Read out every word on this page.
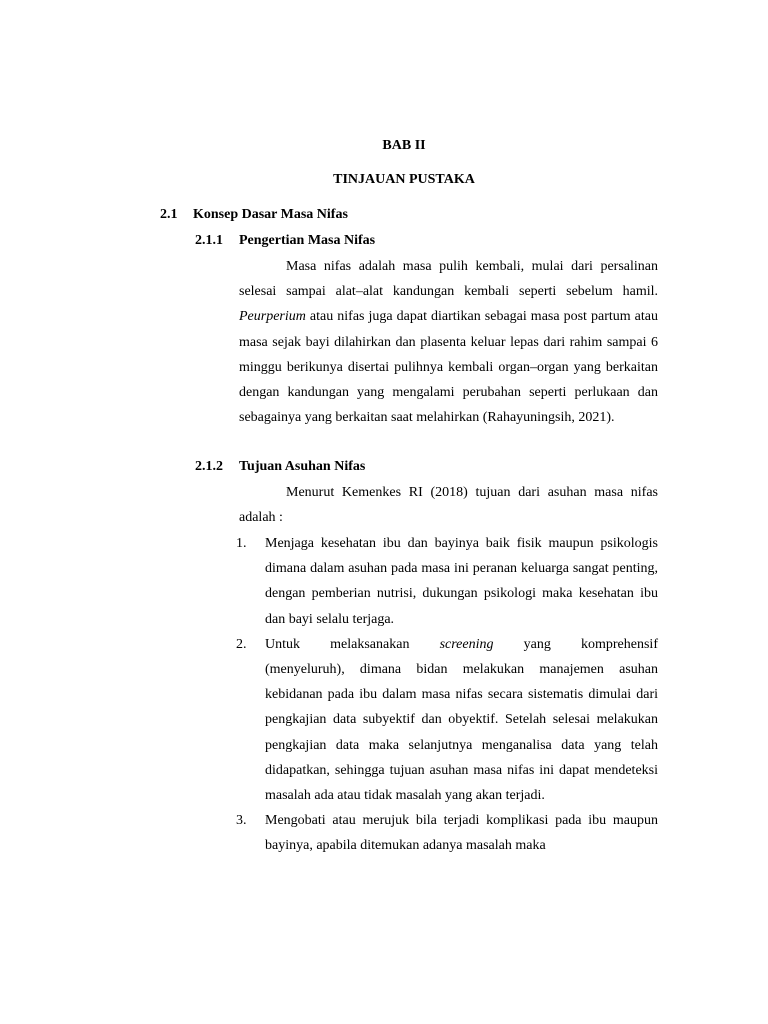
BAB II
TINJAUAN PUSTAKA
2.1 Konsep Dasar Masa Nifas
2.1.1 Pengertian Masa Nifas

Masa nifas adalah masa pulih kembali, mulai dari persalinan selesai sampai alat–alat kandungan kembali seperti sebelum hamil. Peurperium atau nifas juga dapat diartikan sebagai masa post partum atau masa sejak bayi dilahirkan dan plasenta keluar lepas dari rahim sampai 6 minggu berikunya disertai pulihnya kembali organ–organ yang berkaitan dengan kandungan yang mengalami perubahan seperti perlukaan dan sebagainya yang berkaitan saat melahirkan (Rahayuningsih, 2021).

2.1.2 Tujuan Asuhan Nifas

Menurut Kemenkes RI (2018) tujuan dari asuhan masa nifas adalah :

1. Menjaga kesehatan ibu dan bayinya baik fisik maupun psikologis dimana dalam asuhan pada masa ini peranan keluarga sangat penting, dengan pemberian nutrisi, dukungan psikologi maka kesehatan ibu dan bayi selalu terjaga.
2. Untuk melaksanakan screening yang komprehensif
(menyeluruh), dimana bidan melakukan manajemen asuhan kebidanan pada ibu dalam masa nifas secara sistematis dimulai dari pengkajian data subyektif dan obyektif. Setelah selesai melakukan pengkajian data maka selanjutnya menganalisa data yang telah didapatkan, sehingga tujuan asuhan masa nifas ini dapat mendeteksi masalah ada atau tidak masalah yang akan terjadi.
3. Mengobati atau merujuk bila terjadi komplikasi pada ibu maupun bayinya, apabila ditemukan adanya masalah maka
